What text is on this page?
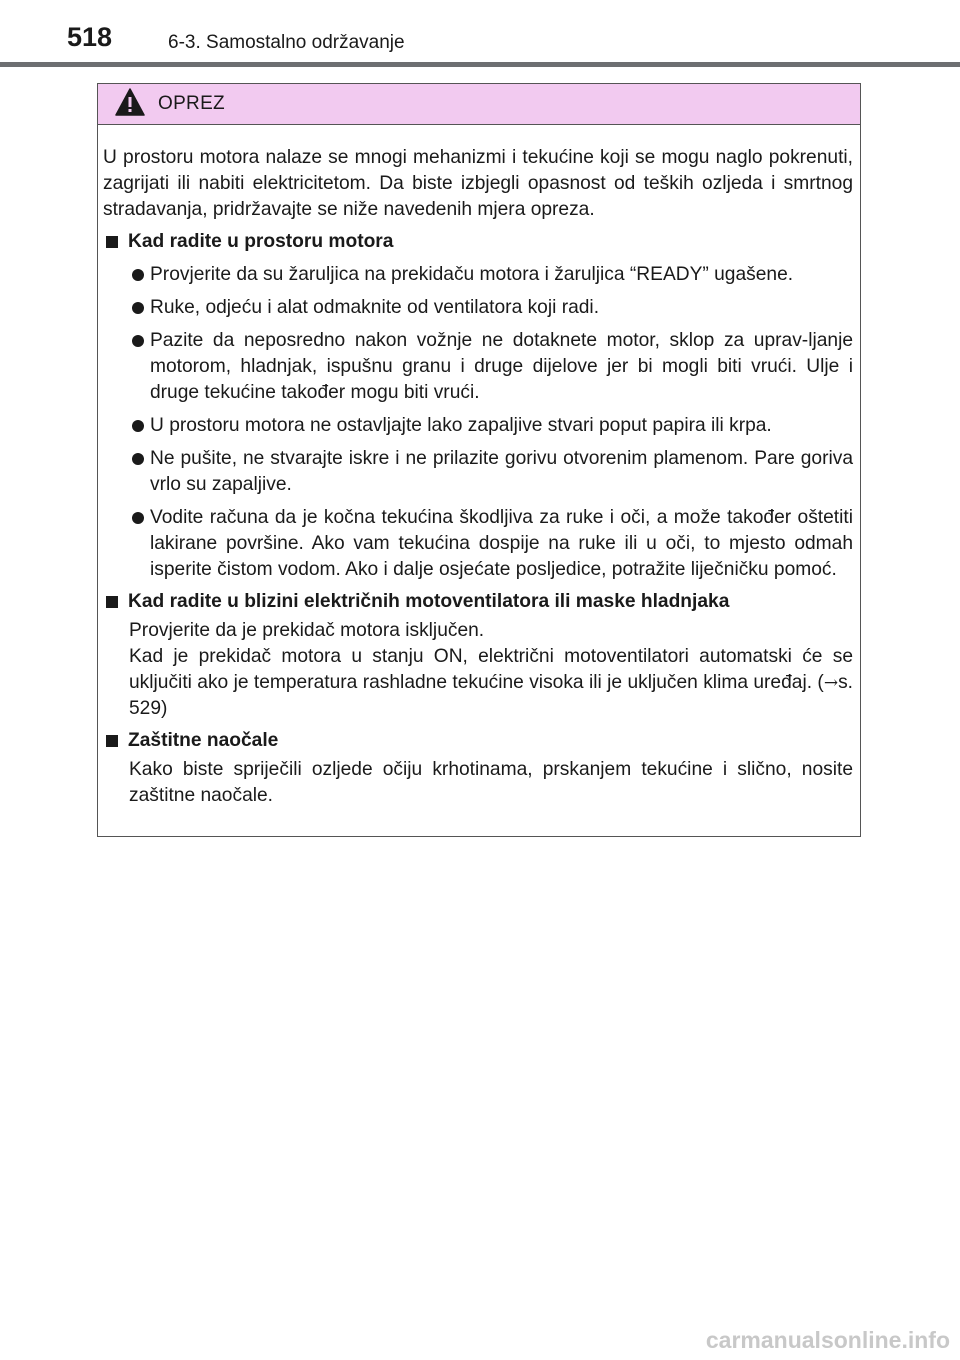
518	6-3. Samostalno održavanje
OPREZ

U prostoru motora nalaze se mnogi mehanizmi i tekućine koji se mogu naglo pokrenuti, zagrijati ili nabiti elektricitetom. Da biste izbjegli opasnost od teških ozljeda i smrtnog stradavanja, pridržavajte se niže navedenih mjera opreza.

Kad radite u prostoru motora
Provjerite da su žaruljica na prekidaču motora i žaruljica “READY” ugašene.
Ruke, odjeću i alat odmaknite od ventilatora koji radi.
Pazite da neposredno nakon vožnje ne dotaknete motor, sklop za uprav-ljanje motorom, hladnjak, ispušnu granu i druge dijelove jer bi mogli biti vrući. Ulje i druge tekućine također mogu biti vrući.
U prostoru motora ne ostavljajte lako zapaljive stvari poput papira ili krpa.
Ne pušite, ne stvarajte iskre i ne prilazite gorivu otvorenim plamenom. Pare goriva vrlo su zapaljive.
Vodite računa da je kočna tekućina škodljiva za ruke i oči, a može također oštetiti lakirane površine. Ako vam tekućina dospije na ruke ili u oči, to mjesto odmah isperite čistom vodom. Ako i dalje osjećate posljedice, potražite liječničku pomoć.
Kad radite u blizini električnih motoventilatora ili maske hladnjaka

Provjerite da je prekidač motora isključen.

Kad je prekidač motora u stanju ON, električni motoventilatori automatski će se uključiti ako je temperatura rashladne tekućine visoka ili je uključen klima uređaj. (→s. 529)

Zaštitne naočale

Kako biste spriječili ozljede očiju krhotinama, prskanjem tekućine i slično, nosite zaštitne naočale.

carmanualsonline.info
